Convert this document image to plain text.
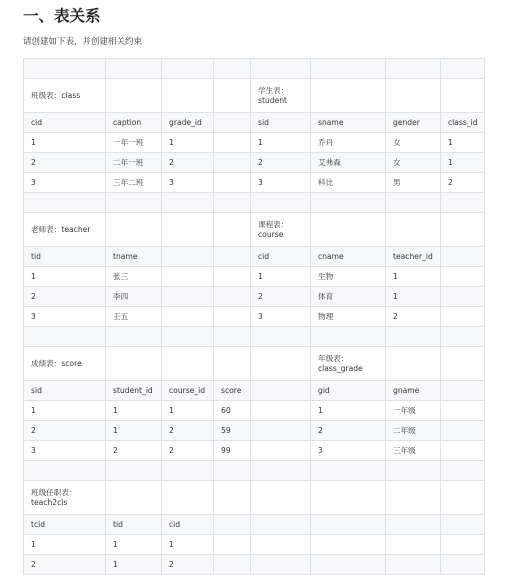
一、表关系

请创建如下表，并创建相关约束

班级表：class				学生表：student			
cid	caption	grade_id		sid	sname	gender	class_id
1	一年一班	1		1	乔丹	女	1
2	二年一班	2		2	艾弗森	女	1
3	三年二班	3		3	科比	男	2

老师表：teacher				课程表：course			
tid	tname			cid	cname	teacher_id	
1	张三			1	生物	1	
2	李四			2	体育	1	
3	王五			3	物理	2	

成绩表：score					年级表：class_grade		
sid	student_id	course_id	score		gid	gname	
1	1	1	60		1	一年级	
2	1	2	59		2	二年级	
3	2	2	99		3	三年级	

班级任职表：teach2cls							
tcid	tid	cid					
1	1	1					
2	1	2					
